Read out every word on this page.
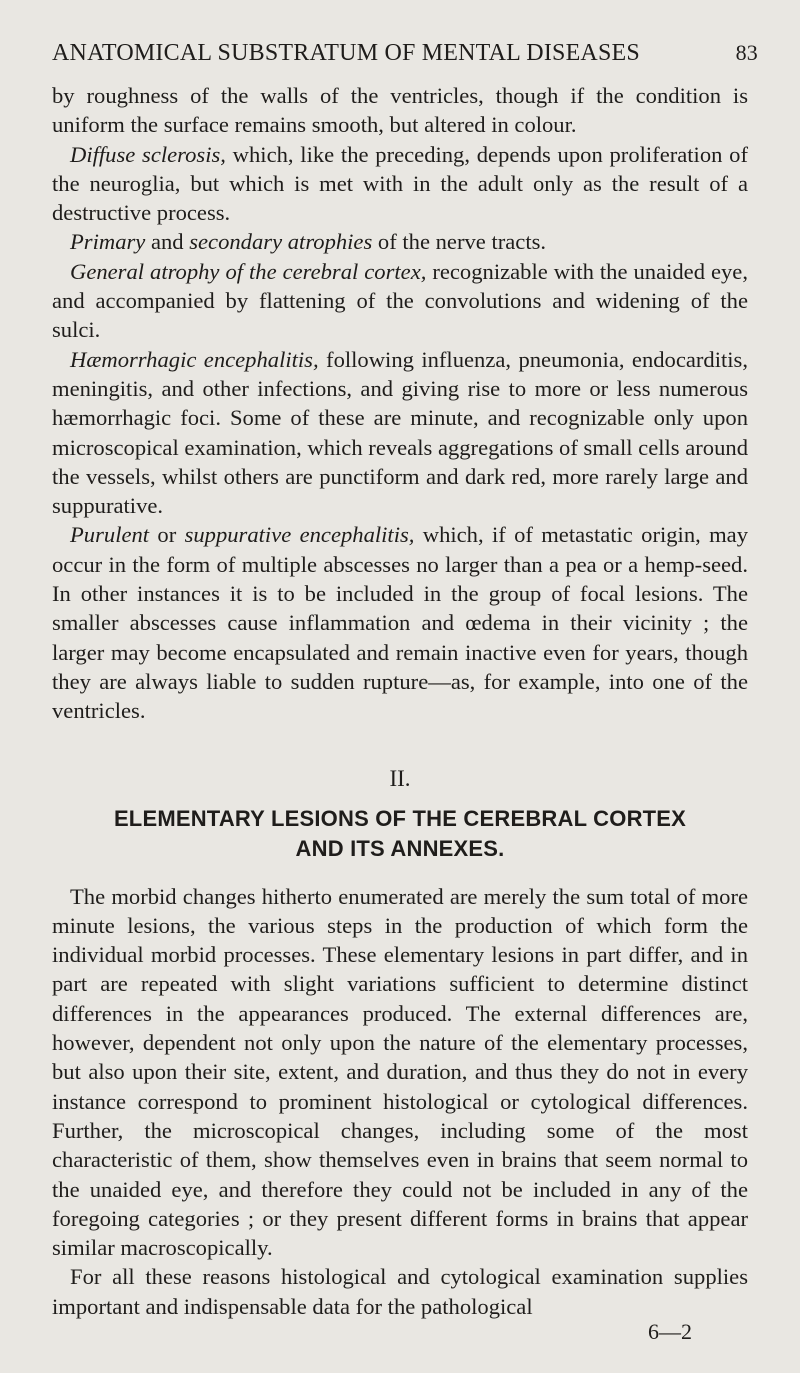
ANATOMICAL SUBSTRATUM OF MENTAL DISEASES	83

by roughness of the walls of the ventricles, though if the condition is uniform the surface remains smooth, but altered in colour.

Diffuse sclerosis, which, like the preceding, depends upon proliferation of the neuroglia, but which is met with in the adult only as the result of a destructive process.

Primary and secondary atrophies of the nerve tracts.

General atrophy of the cerebral cortex, recognizable with the unaided eye, and accompanied by flattening of the convolutions and widening of the sulci.

Hæmorrhagic encephalitis, following influenza, pneumonia, endocarditis, meningitis, and other infections, and giving rise to more or less numerous hæmorrhagic foci. Some of these are minute, and recognizable only upon microscopical examination, which reveals aggregations of small cells around the vessels, whilst others are punctiform and dark red, more rarely large and suppurative.

Purulent or suppurative encephalitis, which, if of metastatic origin, may occur in the form of multiple abscesses no larger than a pea or a hemp-seed. In other instances it is to be included in the group of focal lesions. The smaller abscesses cause inflammation and œdema in their vicinity ; the larger may become encapsulated and remain inactive even for years, though they are always liable to sudden rupture—as, for example, into one of the ventricles.

II.
ELEMENTARY LESIONS OF THE CEREBRAL CORTEX
AND ITS ANNEXES.

The morbid changes hitherto enumerated are merely the sum total of more minute lesions, the various steps in the production of which form the individual morbid processes. These elementary lesions in part differ, and in part are repeated with slight variations sufficient to determine distinct differences in the appearances produced. The external differences are, however, dependent not only upon the nature of the elementary processes, but also upon their site, extent, and duration, and thus they do not in every instance correspond to prominent histological or cytological differences. Further, the microscopical changes, including some of the most characteristic of them, show themselves even in brains that seem normal to the unaided eye, and therefore they could not be included in any of the foregoing categories ; or they present different forms in brains that appear similar macroscopically.

For all these reasons histological and cytological examination supplies important and indispensable data for the pathological

6—2
